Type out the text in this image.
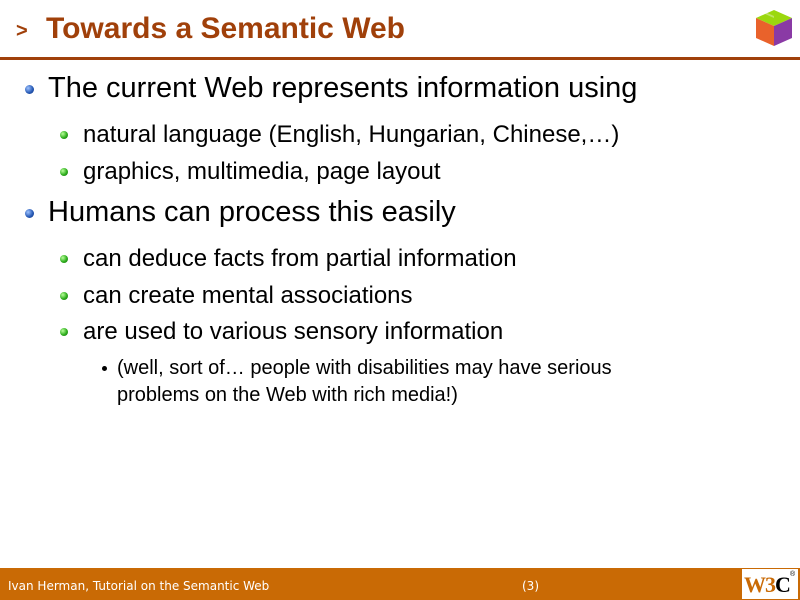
> Towards a Semantic Web
The current Web represents information using
natural language (English, Hungarian, Chinese,…)
graphics, multimedia, page layout
Humans can process this easily
can deduce facts from partial information
can create mental associations
are used to various sensory information
(well, sort of… people with disabilities may have serious
problems on the Web with rich media!)
Ivan Herman, Tutorial on the Semantic Web	(3)	W3C ®
